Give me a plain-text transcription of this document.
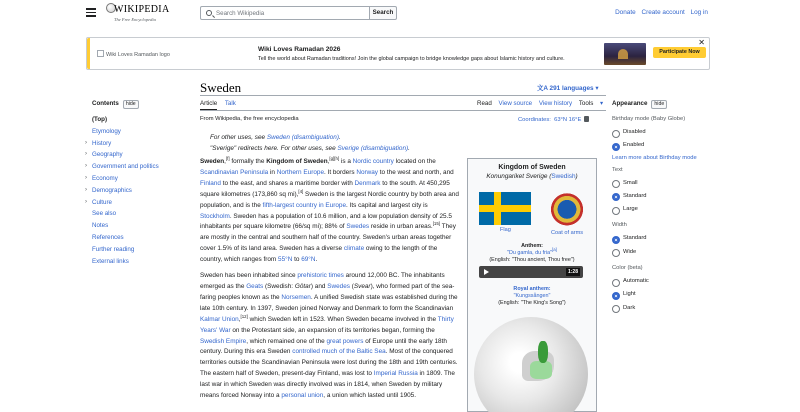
WIKIPEDIA
The Free Encyclopedia
Search Wikipedia	Search	Donate Create account Log in
Wiki Loves Ramadan logo
Wiki Loves Ramadan 2026
Tell the world about Ramadan traditions! Join the global campaign to bridge knowledge gaps about Islamic history and culture.
Participate Now
✕
Sweden	文A 291 languages ▾
Article Talk	Read View source View history Tools ▾
Contents hide
(Top)
Etymology
› History
› Geography
› Government and politics
› Economy
› Demographics
› Culture
See also
Notes
References
Further reading
External links
From Wikipedia, the free encyclopedia	Coordinates: 63°N 16°E
For other uses, see Sweden (disambiguation).
"Sverige" redirects here. For other uses, see Sverige (disambiguation).

Sweden,[f] formally the Kingdom of Sweden,[g][h] is a Nordic country located on the Scandinavian Peninsula in Northern Europe. It borders Norway to the west and north, and Finland to the east, and shares a maritime border with Denmark to the south. At 450,295 square kilometres (173,860 sq mi),[4] Sweden is the largest Nordic country by both area and population, and is the fifth-largest country in Europe. Its capital and largest city is Stockholm. Sweden has a population of 10.6 million, and a low population density of 25.5 inhabitants per square kilometre (66/sq mi); 88% of Swedes reside in urban areas.[15] They are mostly in the central and southern half of the country. Sweden's urban areas together cover 1.5% of its land area. Sweden has a diverse climate owing to the length of the country, which ranges from 55°N to 69°N.

Sweden has been inhabited since prehistoric times around 12,000 BC. The inhabitants emerged as the Geats (Swedish: Götar) and Swedes (Svear), who formed part of the sea-faring peoples known as the Norsemen. A unified Swedish state was established during the late 10th century. In 1397, Sweden joined Norway and Denmark to form the Scandinavian Kalmar Union,[12] which Sweden left in 1523. When Sweden became involved in the Thirty Years' War on the Protestant side, an expansion of its territories began, forming the Swedish Empire, which remained one of the great powers of Europe until the early 18th century. During this era Sweden controlled much of the Baltic Sea. Most of the conquered territories outside the Scandinavian Peninsula were lost during the 18th and 19th centuries. The eastern half of Sweden, present-day Finland, was lost to Imperial Russia in 1809. The last war in which Sweden was directly involved was in 1814, when Sweden by military means forced Norway into a personal union, a union which lasted until 1905.

Kingdom of Sweden
Konungariket Sverige (Swedish)
Flag	Coat of arms
Anthem:
"Du gamla, du fria"[a]
(English: "Thou ancient, Thou free")
1:28
Royal anthem:
"Kungssången"
(English: "The King's Song")
Appearance hide
Birthday mode (Baby Globe)
Disabled
Enabled
Learn more about Birthday mode
Text
Small
Standard
Large
Width
Standard
Wide
Color (beta)
Automatic
Light
Dark
